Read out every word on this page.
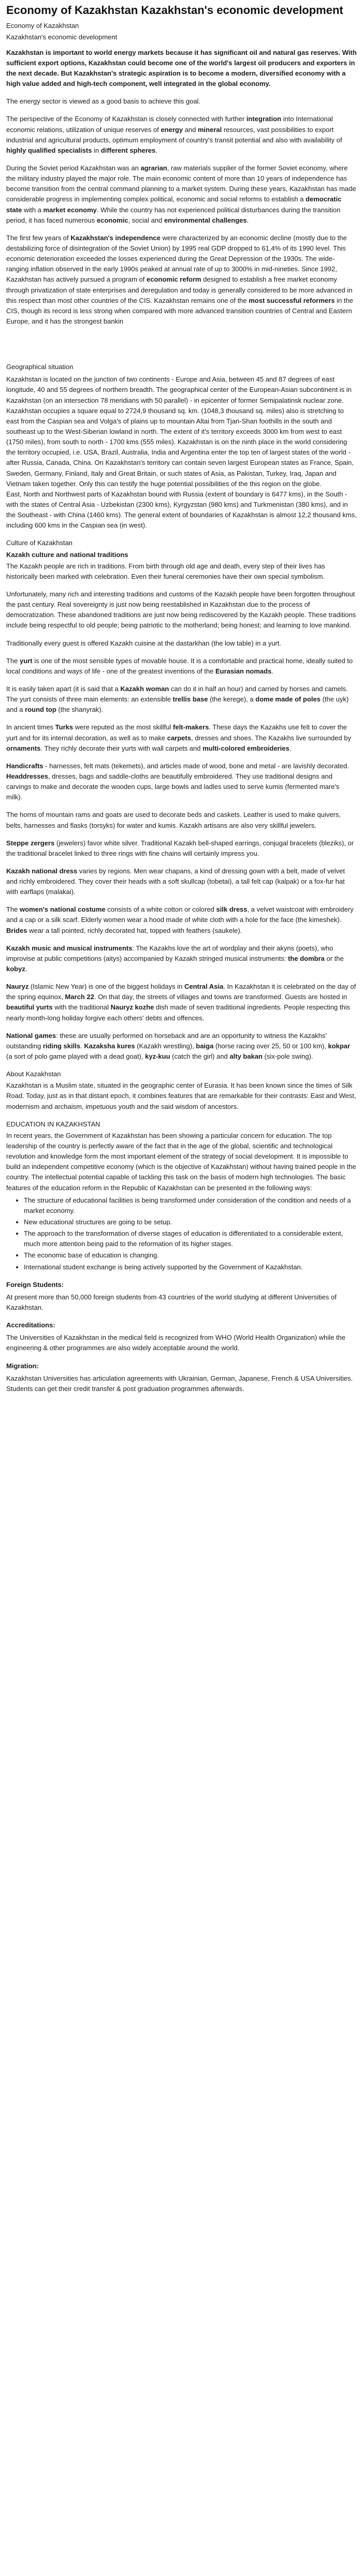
Economy of Kazakhstan Kazakhstan's economic development
Economy of Kazakhstan
Kazakhstan's economic development

Kazakhstan is important to world energy markets because it has significant oil and natural gas reserves. With sufficient export options, Kazakhstan could become one of the world's largest oil producers and exporters in the next decade. But Kazakhstan's strategic aspiration is to become a modern, diversified economy with a high value added and high-tech component, well integrated in the global economy.

The energy sector is viewed as a good basis to achieve this goal.

The perspective of the Economy of Kazakhstan is closely connected with further integration into International economic relations, utilization of unique reserves of energy and mineral resources, vast possibilities to export industrial and agricultural products, optimum employment of country's transit potential and also with availability of highly qualified specialists in different spheres.

During the Soviet period Kazakhstan was an agrarian, raw materials supplier of the former Soviet economy, where the military industry played the major role. The main economic content of more than 10 years of independence has become transition from the central command planning to a market system. During these years, Kazakhstan has made considerable progress in implementing complex political, economic and social reforms to establish a democratic state with a market economy. While the country has not experienced political disturbances during the transition period, it has faced numerous economic, social and environmental challenges.

The first few years of Kazakhstan's independence were characterized by an economic decline (mostly due to the destabilizing force of disintegration of the Soviet Union) by 1995 real GDP dropped to 61,4% of its 1990 level. This economic deterioration exceeded the losses experienced during the Great Depression of the 1930s. The wide-ranging inflation observed in the early 1990s peaked at annual rate of up to 3000% in mid-nineties. Since 1992, Kazakhstan has actively pursued a program of economic reform designed to establish a free market economy through privatization of state enterprises and deregulation and today is generally considered to be more advanced in this respect than most other countries of the CIS. Kazakhstan remains one of the most successful reformers in the CIS, though its record is less strong when compared with more advanced transition countries of Central and Eastern Europe, and it has the strongest bankin

Geographical situation

Kazakhstan is located on the junction of two continents - Europe and Asia, between 45 and 87 degrees of east longitude, 40 and 55 degrees of northern breadth. The geographical center of the European-Asian subcontinent is in Kazakhstan (on an intersection 78 meridians with 50 parallel) - in epicenter of former Semipalatinsk nuclear zone. Kazakhstan occupies a square equal to 2724,9 thousand sq. km. (1048,3 thousand sq. miles) also is stretching to east from the Caspian sea and Volga's of plains up to mountain Altai from Tjan-Shan foothills in the south and southeast up to the West-Siberian lowland in north. The extent of it's territory exceeds 3000 km from west to east (1750 miles), from south to north - 1700 kms (555 miles). Kazakhstan is on the ninth place in the world considering the territory occupied, i.e. USA, Brazil, Australia, India and Argentina enter the top ten of largest states of the world - after Russia, Canada, China. On Kazakhstan's territory can contain seven largest European states as France, Spain, Sweden, Germany, Finland, Italy and Great Britain, or such states of Asia, as Pakistan, Turkey, Iraq, Japan and Vietnam taken together. Only this can testify the huge potential possibilities of the this region on the globe.

East, North and Northwest parts of Kazakhstan bound with Russia (extent of boundary is 6477 kms), in the South - with the states of Central Asia - Uzbekistan (2300 kms), Kyrgyzstan (980 kms) and Turkmenistan (380 kms), and in the Southeast - with China (1460 kms). The general extent of boundaries of Kazakhstan is almost 12,2 thousand kms, including 600 kms in the Caspian sea (in west).

Culture of Kazakhstan
Kazakh culture and national traditions

The Kazakh people are rich in traditions. From birth through old age and death, every step of their lives has historically been marked with celebration. Even their funeral ceremonies have their own special symbolism.

Unfortunately, many rich and interesting traditions and customs of the Kazakh people have been forgotten throughout the past century. Real sovereignty is just now being reestablished in Kazakhstan due to the process of democratization. These abandoned traditions are just now being rediscovered by the Kazakh people. These traditions include being respectful to old people; being patriotic to the motherland; being honest; and learning to love mankind.

Traditionally every guest is offered Kazakh cuisine at the dastarkhan (the low table) in a yurt.

The yurt is one of the most sensible types of movable house. It is a comfortable and practical home, ideally suited to local conditions and ways of life - one of the greatest inventions of the Eurasian nomads.

It is easily taken apart (it is said that a Kazakh woman can do it in half an hour) and carried by horses and camels. The yurt consists of three main elements: an extensible trellis base (the kerege), a dome made of poles (the uyk) and a round top (the shanyrak).

In ancient times Turks were reputed as the most skillful felt-makers. These days the Kazakhs use felt to cover the yurt and for its internal decoration, as well as to make carpets, dresses and shoes. The Kazakhs live surrounded by ornaments. They richly decorate their yurts with wall carpets and multi-colored embroideries.

Handicrafts - harnesses, felt mats (tekemets), and articles made of wood, bone and metal - are lavishly decorated. Headdresses, dresses, bags and saddle-cloths are beautifully embroidered. They use traditional designs and carvings to make and decorate the wooden cups, large bowls and ladles used to serve kumis (fermented mare's milk).

The horns of mountain rams and goats are used to decorate beds and caskets. Leather is used to make quivers, belts, harnesses and flasks (torsyks) for water and kumis. Kazakh artisans are also very skillful jewelers.

Steppe zergers (jewelers) favor white silver. Traditional Kazakh bell-shaped earrings, conjugal bracelets (bleziks), or the traditional bracelet linked to three rings with fine chains will certainly impress you.

Kazakh national dress varies by regions. Men wear chapans, a kind of dressing gown with a belt, made of velvet and richly embroidered. They cover their heads with a soft skullcap (tobetai), a tall felt cap (kalpak) or a fox-fur hat with earflaps (malakai).

The women's national costume consists of a white cotton or colored silk dress, a velvet waistcoat with embroidery and a cap or a silk scarf. Elderly women wear a hood made of white cloth with a hole for the face (the kimeshek). Brides wear a tall pointed, richly decorated hat, topped with feathers (saukele).

Kazakh music and musical instruments: The Kazakhs love the art of wordplay and their akyns (poets), who improvise at public competitions (aitys) accompanied by Kazakh stringed musical instruments: the dombra or the kobyz.

Nauryz (Islamic New Year) is one of the biggest holidays in Central Asia. In Kazakhstan it is celebrated on the day of the spring equinox, March 22. On that day, the streets of villages and towns are transformed. Guests are hosted in beautiful yurts with the traditional Nauryz kozhe dish made of seven traditional ingredients. People respecting this nearly month-long holiday forgive each others' debts and offences.

National games: these are usually performed on horseback and are an opportunity to witness the Kazakhs' outstanding riding skills. Kazakshа kures (Kazakh wrestling), baiga (horse racing over 25, 50 or 100 km), kokpar (a sort of polo game played with a dead goat), kyz-kuu (catch the girl) and alty bakan (six-pole swing).

About Kazakhstan

Kazakhstan is a Muslim state, situated in the geographic center of Eurasia. It has been known since the times of Silk Road. Today, just as in that distant epoch, it combines features that are remarkable for their contrasts: East and West, modernism and archaism, impetuous youth and the said wisdom of ancestors.

EDUCATION IN KAZAKHSTAN

In recent years, the Government of Kazakhstan has been showing a particular concern for education. The top leadership of the country is perfectly aware of the fact that in the age of the global, scientific and technological revolution and knowledge form the most important element of the strategy of social development. It is impossible to build an independent competitive economy (which is the objective of Kazakhstan) without having trained people in the country. The intellectual potential capable of tackling this task on the basis of modern high technologies. The basic features of the education reform in the Republic of Kazakhstan can be presented in the following ways:

• The structure of educational facilities is being transformed under consideration of the condition and needs of a market economy.
• New educational structures are going to be setup.
• The approach to the transformation of diverse stages of education is differentiated to a considerable extent, much more attention being paid to the reformation of its higher stages.
• The economic base of education is changing.
• International student exchange is being actively supported by the Government of Kazakhstan.
Foreign Students:

At present more than 50,000 foreign students from 43 countries of the world studying at different Universities of Kazakhstan.

Accreditations:

The Universities of Kazakhstan in the medical field is recognized from WHO (World Health Organization) while the engineering & other programmes are also widely acceptable around the world.

Migration:

Kazakhstan Universities has articulation agreements with Ukrainian, German, Japanese, French & USA Universities. Students can get their credit transfer & post graduation programmes afterwards.
